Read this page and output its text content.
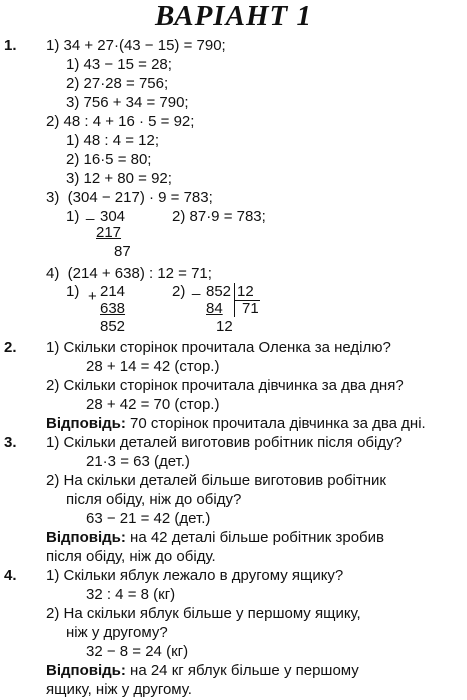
ВАРІАНТ 1
1. 1) 34 + 27·(43 − 15) = 790;
1) 43 − 15 = 28;
2) 27·28 = 756;
3) 756 + 34 = 790;
2) 48 : 4 + 16 · 5 = 92;
1) 48 : 4 = 12;
2) 16·5 = 80;
3) 12 + 80 = 92;
3)  (304 − 217) · 9 = 783;
1) _ 304
217
87
2) 87·9 = 783;
4)  (214 + 638) : 12 = 71;
1) + 214
638
852
2) _ 852 12
84 71
12
2. 1) Скільки сторінок прочитала Оленка за неділю?
28 + 14 = 42 (стор.)
2) Скільки сторінок прочитала дівчинка за два дня?
28 + 42 = 70 (стор.)
Відповідь: 70 сторінок прочитала дівчинка за два дні.
3. 1) Скільки деталей виготовив робітник після обіду?
21·3 = 63 (дет.)
2) На скільки деталей більше виготовив робітник
після обіду, ніж до обіду?
63 − 21 = 42 (дет.)
Відповідь: на 42 деталі більше робітник зробив
після обіду, ніж до обіду.
4. 1) Скільки яблук лежало в другому ящику?
32 : 4 = 8 (кг)
2) На скільки яблук більше у першому ящику,
ніж у другому?
32 − 8 = 24 (кг)
Відповідь: на 24 кг яблук більше у першому
ящику, ніж у другому.
